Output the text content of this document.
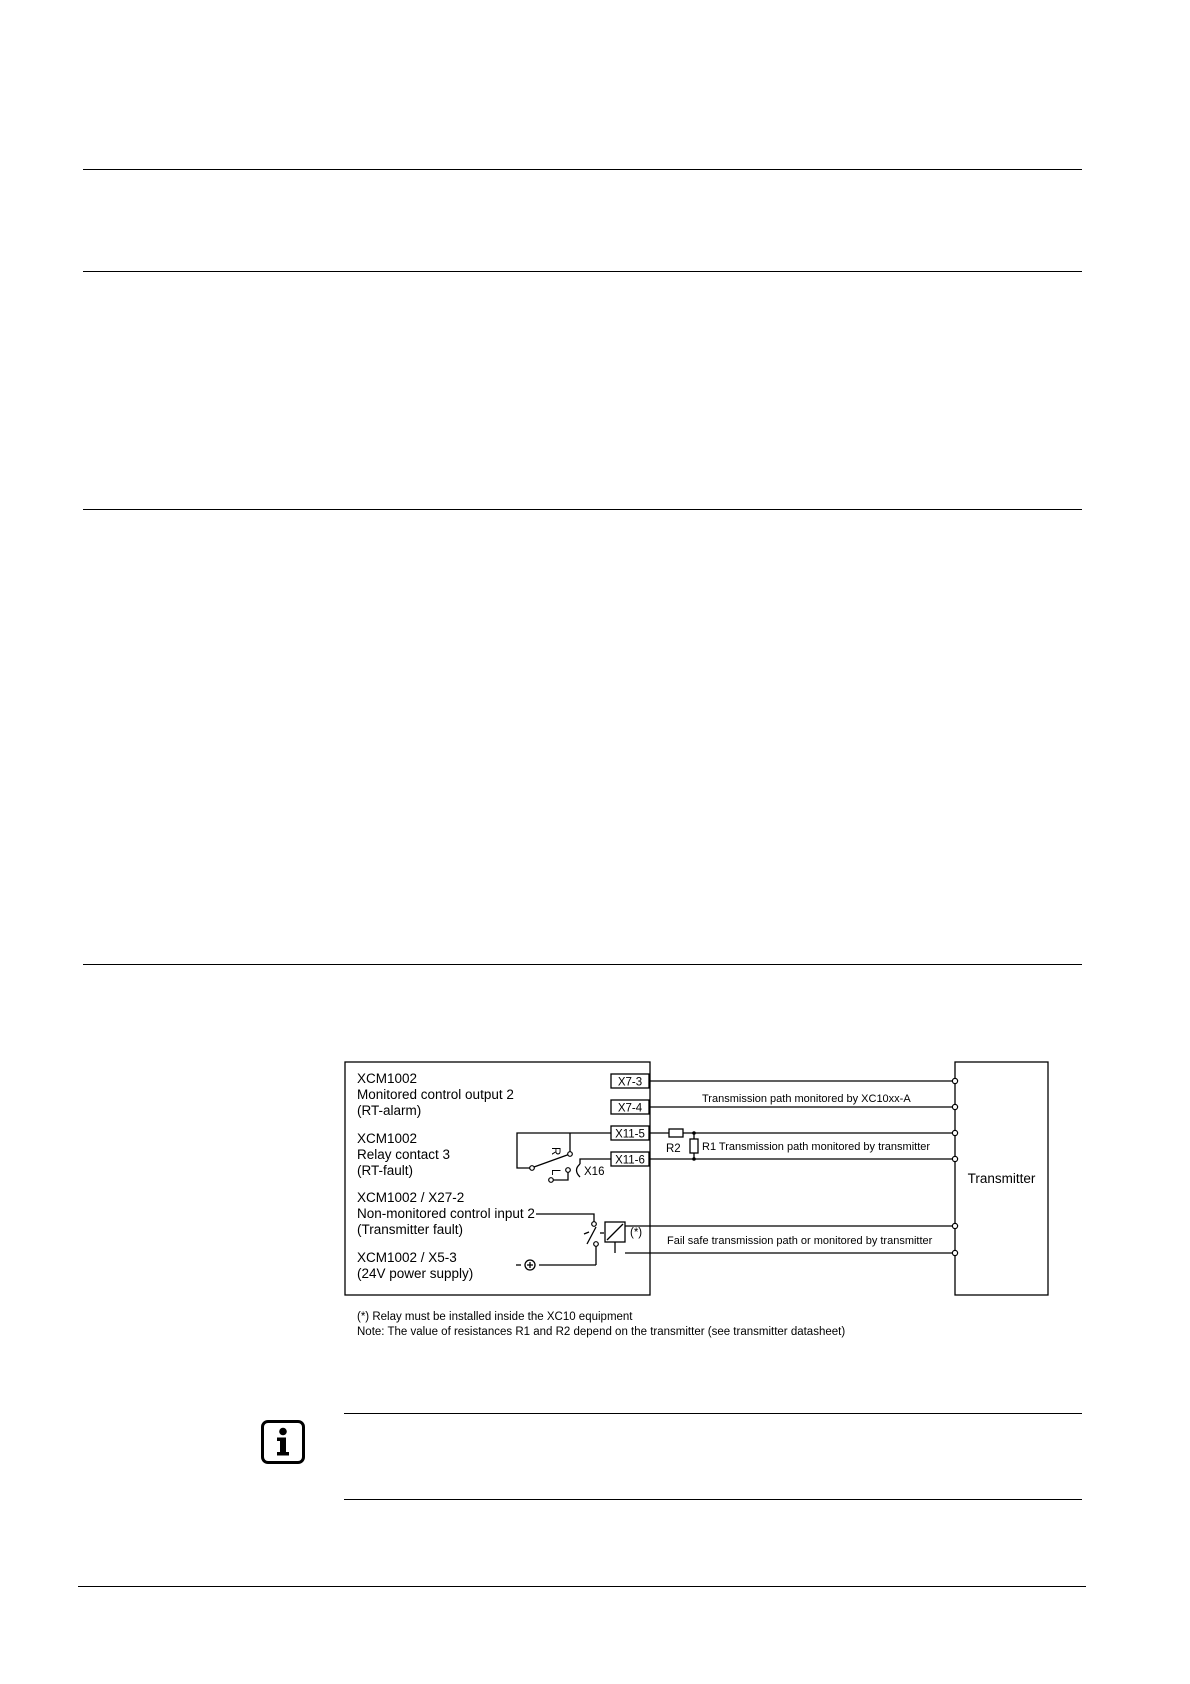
XCM1002
Monitored control output 2
(RT-alarm)
XCM1002
Relay contact 3
(RT-fault)
XCM1002 / X27-2
Non-monitored control input 2
(Transmitter fault)
XCM1002 / X5-3
(24V power supply)
X7-3
X7-4
X11-5
X11-6
R
L X16
R2
(*)
Transmission path monitored by XC10xx-A
R1 Transmission path monitored by transmitter
Fail safe transmission path or monitored by transmitter
Transmitter
(*) Relay must be installed inside the XC10 equipment
Note: The value of resistances R1 and R2 depend on the transmitter (see transmitter datasheet)
